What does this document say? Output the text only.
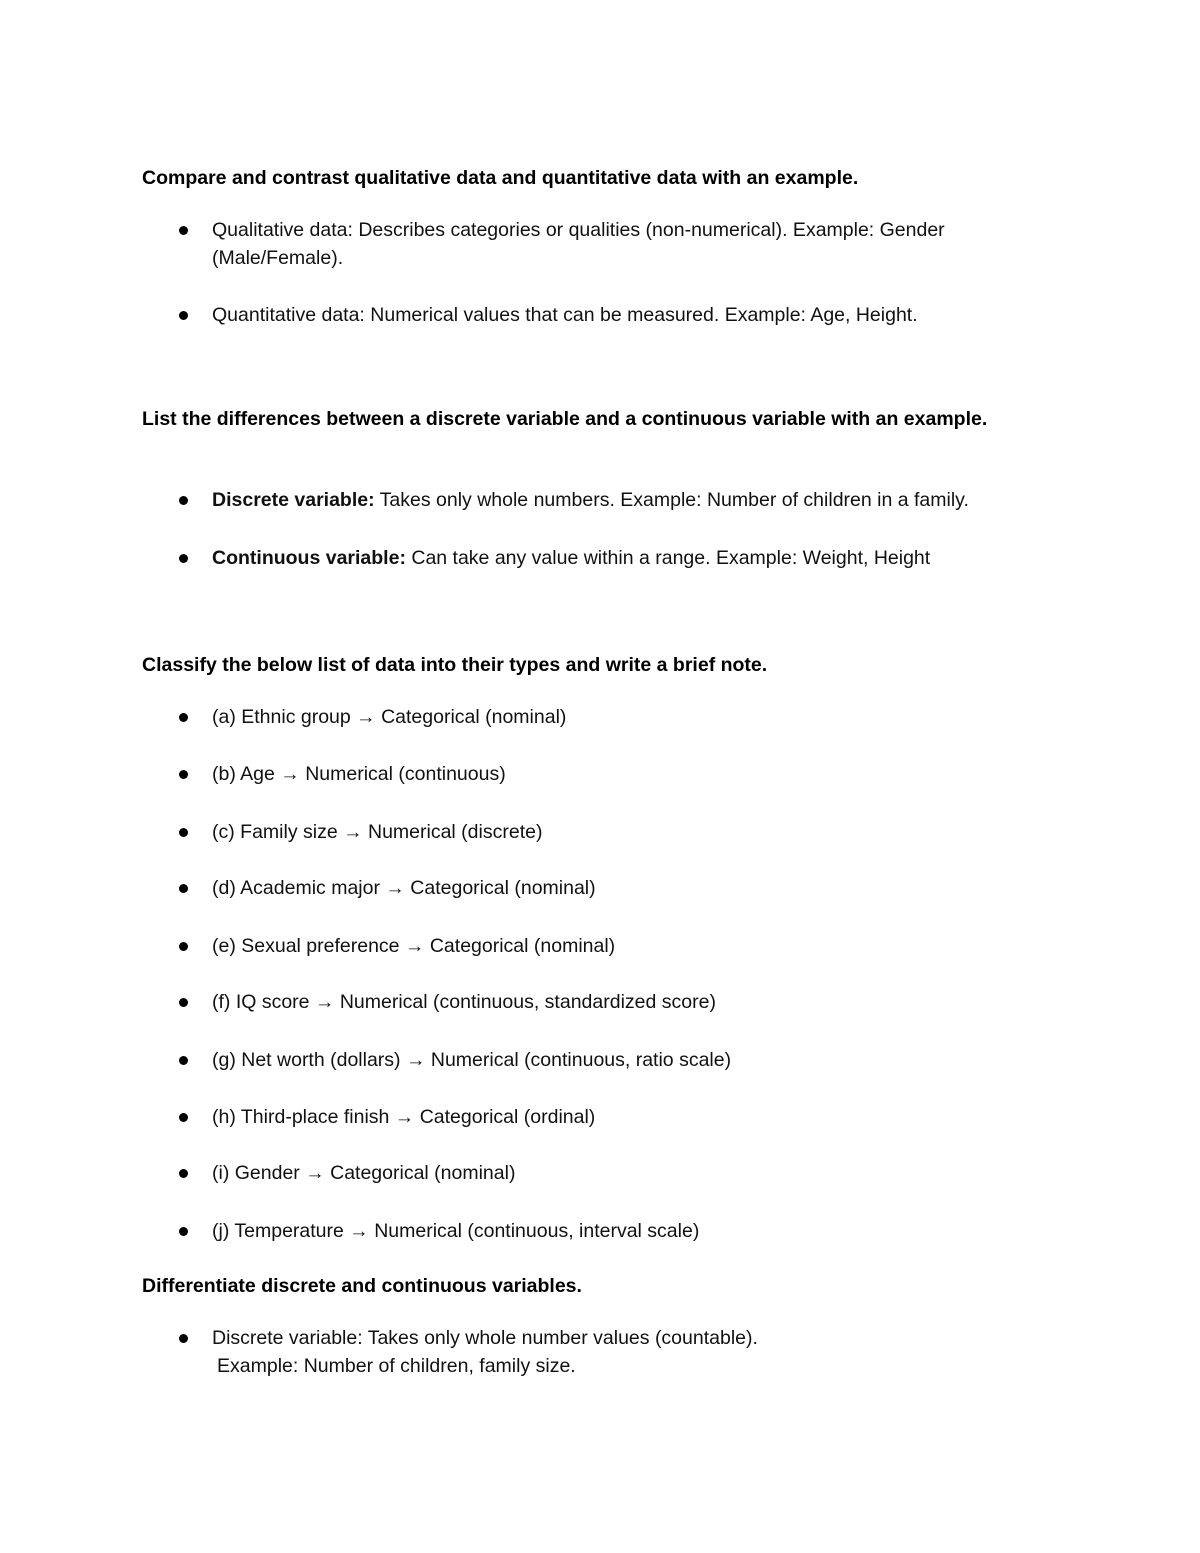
Compare and contrast qualitative data and quantitative data with an example.
Qualitative data: Describes categories or qualities (non-numerical). Example: Gender (Male/Female).
Quantitative data: Numerical values that can be measured. Example: Age, Height.
List the differences between a discrete variable and a continuous variable with an example.
Discrete variable: Takes only whole numbers. Example: Number of children in a family.
Continuous variable: Can take any value within a range. Example: Weight, Height
Classify the below list of data into their types and write a brief note.
(a) Ethnic group → Categorical (nominal)
(b) Age → Numerical (continuous)
(c) Family size → Numerical (discrete)
(d) Academic major → Categorical (nominal)
(e) Sexual preference → Categorical (nominal)
(f) IQ score → Numerical (continuous, standardized score)
(g) Net worth (dollars) → Numerical (continuous, ratio scale)
(h) Third-place finish → Categorical (ordinal)
(i) Gender → Categorical (nominal)
(j) Temperature → Numerical (continuous, interval scale)
Differentiate discrete and continuous variables.
Discrete variable: Takes only whole number values (countable).
Example: Number of children, family size.
